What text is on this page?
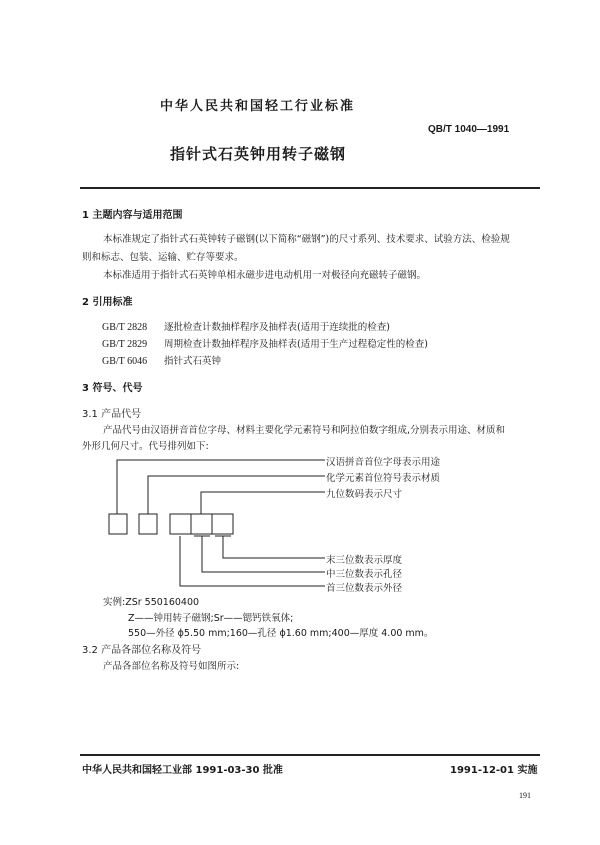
中华人民共和国轻工行业标准
QB/T 1040—1991
指针式石英钟用转子磁钢
1 主题内容与适用范围
本标准规定了指针式石英钟转子磁钢(以下简称“磁钢”)的尺寸系列、技术要求、试验方法、检验规
则和标志、包装、运输、贮存等要求。
本标准适用于指针式石英钟单相永磁步进电动机用一对极径向充磁转子磁钢。
2 引用标准
GB/T 2828 逐批检查计数抽样程序及抽样表(适用于连续批的检查)
GB/T 2829 周期检查计数抽样程序及抽样表(适用于生产过程稳定性的检查)
GB/T 6046 指针式石英钟
3 符号、代号
3.1 产品代号
产品代号由汉语拼音首位字母、材料主要化学元素符号和阿拉伯数字组成,分别表示用途、材质和
外形几何尺寸。代号排列如下:
汉语拼音首位字母表示用途
化学元素首位符号表示材质
九位数码表示尺寸
末三位数表示厚度
中三位数表示孔径
首三位数表示外径
实例:ZSr 550160400
Z——钟用转子磁钢;Sr——锶钙铁氧体;
550—外径 ϕ5.50 mm;160—孔径 ϕ1.60 mm;400—厚度 4.00 mm。
3.2 产品各部位名称及符号
产品各部位名称及符号如图所示:
中华人民共和国轻工业部 1991-03-30 批准	1991-12-01 实施
191
